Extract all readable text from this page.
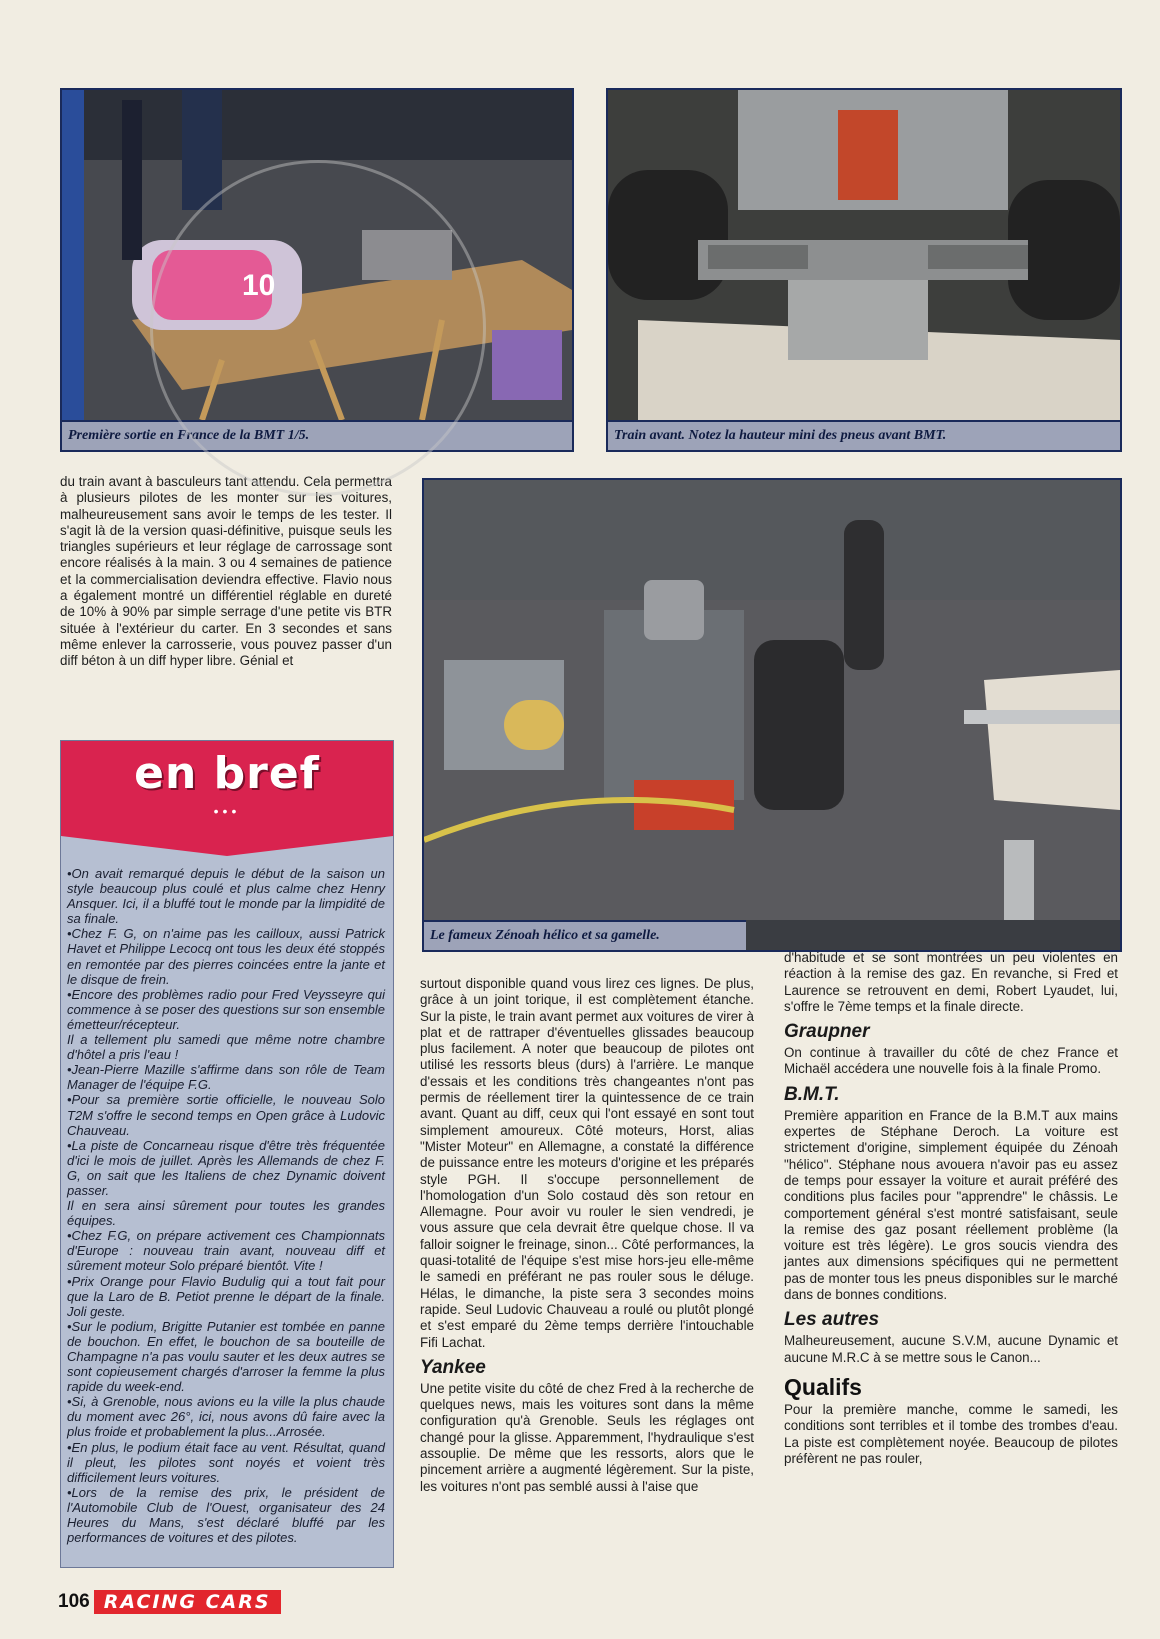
10
Première sortie en France de la BMT 1/5.	Train avant. Notez la hauteur mini des pneus avant BMT.

du train avant à basculeurs tant attendu. Cela permettra à plusieurs pilotes de les monter sur les voitures, malheureusement sans avoir le temps de les tester. Il s'agit là de la version quasi-définitive, puisque seuls les triangles supérieurs et leur réglage de carrossage sont encore réalisés à la main. 3 ou 4 semaines de patience et la commercialisation deviendra effective. Flavio nous a également montré un différentiel réglable en dureté de 10% à 90% par simple serrage d'une petite vis BTR située à l'extérieur du carter. En 3 secondes et sans même enlever la carrosserie, vous pouvez passer d'un diff béton à un diff hyper libre. Génial et

Le fameux Zénoah hélico et sa gamelle.
en bref
•••

•On avait remarqué depuis le début de la saison un style beaucoup plus coulé et plus calme chez Henry Ansquer. Ici, il a bluffé tout le monde par la limpidité de sa finale.

•Chez F. G, on n'aime pas les cailloux, aussi Patrick Havet et Philippe Lecocq ont tous les deux été stoppés en remontée par des pierres coincées entre la jante et le disque de frein.

•Encore des problèmes radio pour Fred Veysseyre qui commence à se poser des questions sur son ensemble émetteur/récepteur.

Il a tellement plu samedi que même notre chambre d'hôtel a pris l'eau !

•Jean-Pierre Mazille s'affirme dans son rôle de Team Manager de l'équipe F.G.

•Pour sa première sortie officielle, le nouveau Solo T2M s'offre le second temps en Open grâce à Ludovic Chauveau.

•La piste de Concarneau risque d'être très fréquentée d'ici le mois de juillet. Après les Allemands de chez F. G, on sait que les Italiens de chez Dynamic doivent passer.

Il en sera ainsi sûrement pour toutes les grandes équipes.

•Chez F.G, on prépare activement ces Championnats d'Europe : nouveau train avant, nouveau diff et sûrement moteur Solo préparé bientôt. Vite !

•Prix Orange pour Flavio Budulig qui a tout fait pour que la Laro de B. Petiot prenne le départ de la finale. Joli geste.

•Sur le podium, Brigitte Putanier est tombée en panne de bouchon. En effet, le bouchon de sa bouteille de Champagne n'a pas voulu sauter et les deux autres se sont copieusement chargés d'arroser la femme la plus rapide du week-end.

•Si, à Grenoble, nous avions eu la ville la plus chaude du moment avec 26°, ici, nous avons dû faire avec la plus froide et probablement la plus...Arrosée.

•En plus, le podium était face au vent. Résultat, quand il pleut, les pilotes sont noyés et voient très difficilement leurs voitures.

•Lors de la remise des prix, le président de l'Automobile Club de l'Ouest, organisateur des 24 Heures du Mans, s'est déclaré bluffé par les performances de voitures et des pilotes.

surtout disponible quand vous lirez ces lignes. De plus, grâce à un joint torique, il est complètement étanche. Sur la piste, le train avant permet aux voitures de virer à plat et de rattraper d'éventuelles glissades beaucoup plus facilement. A noter que beaucoup de pilotes ont utilisé les ressorts bleus (durs) à l'arrière. Le manque d'essais et les conditions très changeantes n'ont pas permis de réellement tirer la quintessence de ce train avant. Quant au diff, ceux qui l'ont essayé en sont tout simplement amoureux. Côté moteurs, Horst, alias "Mister Moteur" en Allemagne, a constaté la différence de puissance entre les moteurs d'origine et les préparés style PGH. Il s'occupe personnellement de l'homologation d'un Solo costaud dès son retour en Allemagne. Pour avoir vu rouler le sien vendredi, je vous assure que cela devrait être quelque chose. Il va falloir soigner le freinage, sinon... Côté performances, la quasi-totalité de l'équipe s'est mise hors-jeu elle-même le samedi en préférant ne pas rouler sous le déluge. Hélas, le dimanche, la piste sera 3 secondes moins rapide. Seul Ludovic Chauveau a roulé ou plutôt plongé et s'est emparé du 2ème temps derrière l'intouchable Fifi Lachat.

Yankee

Une petite visite du côté de chez Fred à la recherche de quelques news, mais les voitures sont dans la même configuration qu'à Grenoble. Seuls les réglages ont changé pour la glisse. Apparemment, l'hydraulique s'est assouplie. De même que les ressorts, alors que le pincement arrière a augmenté légèrement. Sur la piste, les voitures n'ont pas semblé aussi à l'aise que

d'habitude et se sont montrées un peu violentes en réaction à la remise des gaz. En revanche, si Fred et Laurence se retrouvent en demi, Robert Lyaudet, lui, s'offre le 7ème temps et la finale directe.

Graupner

On continue à travailler du côté de chez France et Michaël accédera une nouvelle fois à la finale Promo.

B.M.T.

Première apparition en France de la B.M.T aux mains expertes de Stéphane Deroch. La voiture est strictement d'origine, simplement équipée du Zénoah "hélico". Stéphane nous avouera n'avoir pas eu assez de temps pour essayer la voiture et aurait préféré des conditions plus faciles pour "apprendre" le châssis. Le comportement général s'est montré satisfaisant, seule la remise des gaz posant réellement problème (la voiture est très légère). Le gros soucis viendra des jantes aux dimensions spécifiques qui ne permettent pas de monter tous les pneus disponibles sur le marché dans de bonnes conditions.

Les autres

Malheureusement, aucune S.V.M, aucune Dynamic et aucune M.R.C à se mettre sous le Canon...

Qualifs

Pour la première manche, comme le samedi, les conditions sont terribles et il tombe des trombes d'eau. La piste est complètement noyée. Beaucoup de pilotes préfèrent ne pas rouler,

106 RACING CARS
